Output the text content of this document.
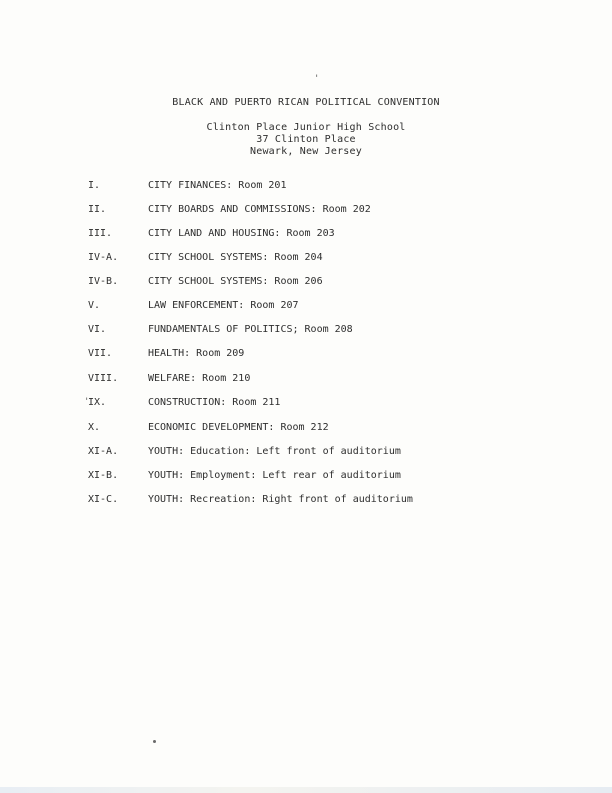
'
BLACK AND PUERTO RICAN POLITICAL CONVENTION
Clinton Place Junior High School
37 Clinton Place
Newark, New Jersey
I.	CITY FINANCES: Room 201
II.	CITY BOARDS AND COMMISSIONS: Room 202
III.	CITY LAND AND HOUSING: Room 203
IV-A.	CITY SCHOOL SYSTEMS: Room 204
IV-B.	CITY SCHOOL SYSTEMS: Room 206
V.	LAW ENFORCEMENT: Room 207
VI.	FUNDAMENTALS OF POLITICS; Room 208
VII.	HEALTH: Room 209
VIII.	WELFARE: Room 210
IX.	CONSTRUCTION: Room 211
X.	ECONOMIC DEVELOPMENT: Room 212
XI-A.	YOUTH: Education: Left front of auditorium
XI-B.	YOUTH: Employment: Left rear of auditorium
XI-C.	YOUTH: Recreation: Right front of auditorium
'
